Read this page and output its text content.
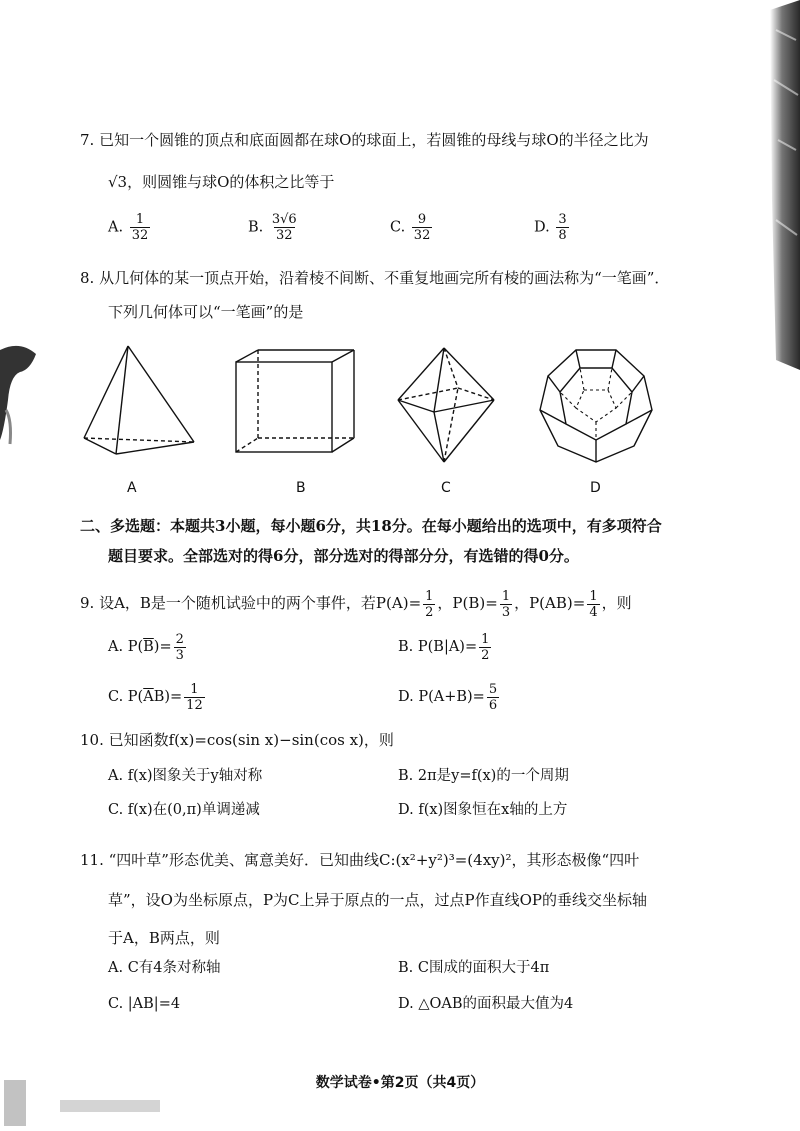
7. 已知一个圆锥的顶点和底面圆都在球O的球面上，若圆锥的母线与球O的半径之比为
√3，则圆锥与球O的体积之比等于
A. $\frac{1}{32}$	B. $\frac{3√6}{32}$	C. $\frac{9}{32}$	D. $\frac{3}{8}$
8. 从几何体的某一顶点开始，沿着棱不间断、不重复地画完所有棱的画法称为“一笔画”．
下列几何体可以“一笔画”的是
A	B	C	D
二、多选题：本题共3小题，每小题6分，共18分。在每小题给出的选项中，有多项符合
题目要求。全部选对的得6分，部分选对的得部分分，有选错的得0分。
9. 设A，B是一个随机试验中的两个事件，若$P(A)= \frac{1}{2}$ ，$P(B)= \frac{1}{3}$ ，$P(AB)= \frac{1}{4}$ ，则
A. $P(\overline{B})= \frac{2}{3}$	B. $P(B|A)= \frac{1}{2}$
C. $P(\overline{A}B)= \frac{1}{12}$	D. $P(A+B)= \frac{5}{6}$
10. 已知函数f(x)=cos(sin x)−sin(cos x)，则
A. f(x)图象关于y轴对称	B. 2π是y=f(x)的一个周期
C. f(x)在(0,π)单调递减	D. f(x)图象恒在x轴的上方
11. “四叶草”形态优美、寓意美好．已知曲线C:(x²+y²)³=(4xy)²，其形态极像“四叶
草”，设O为坐标原点，P为C上异于原点的一点，过点P作直线OP的垂线交坐标轴
于A，B两点，则
A. C有4条对称轴	B. C围成的面积大于4π
C. |AB|=4	D. △OAB的面积最大值为4
数学试卷•第2页（共4页）
